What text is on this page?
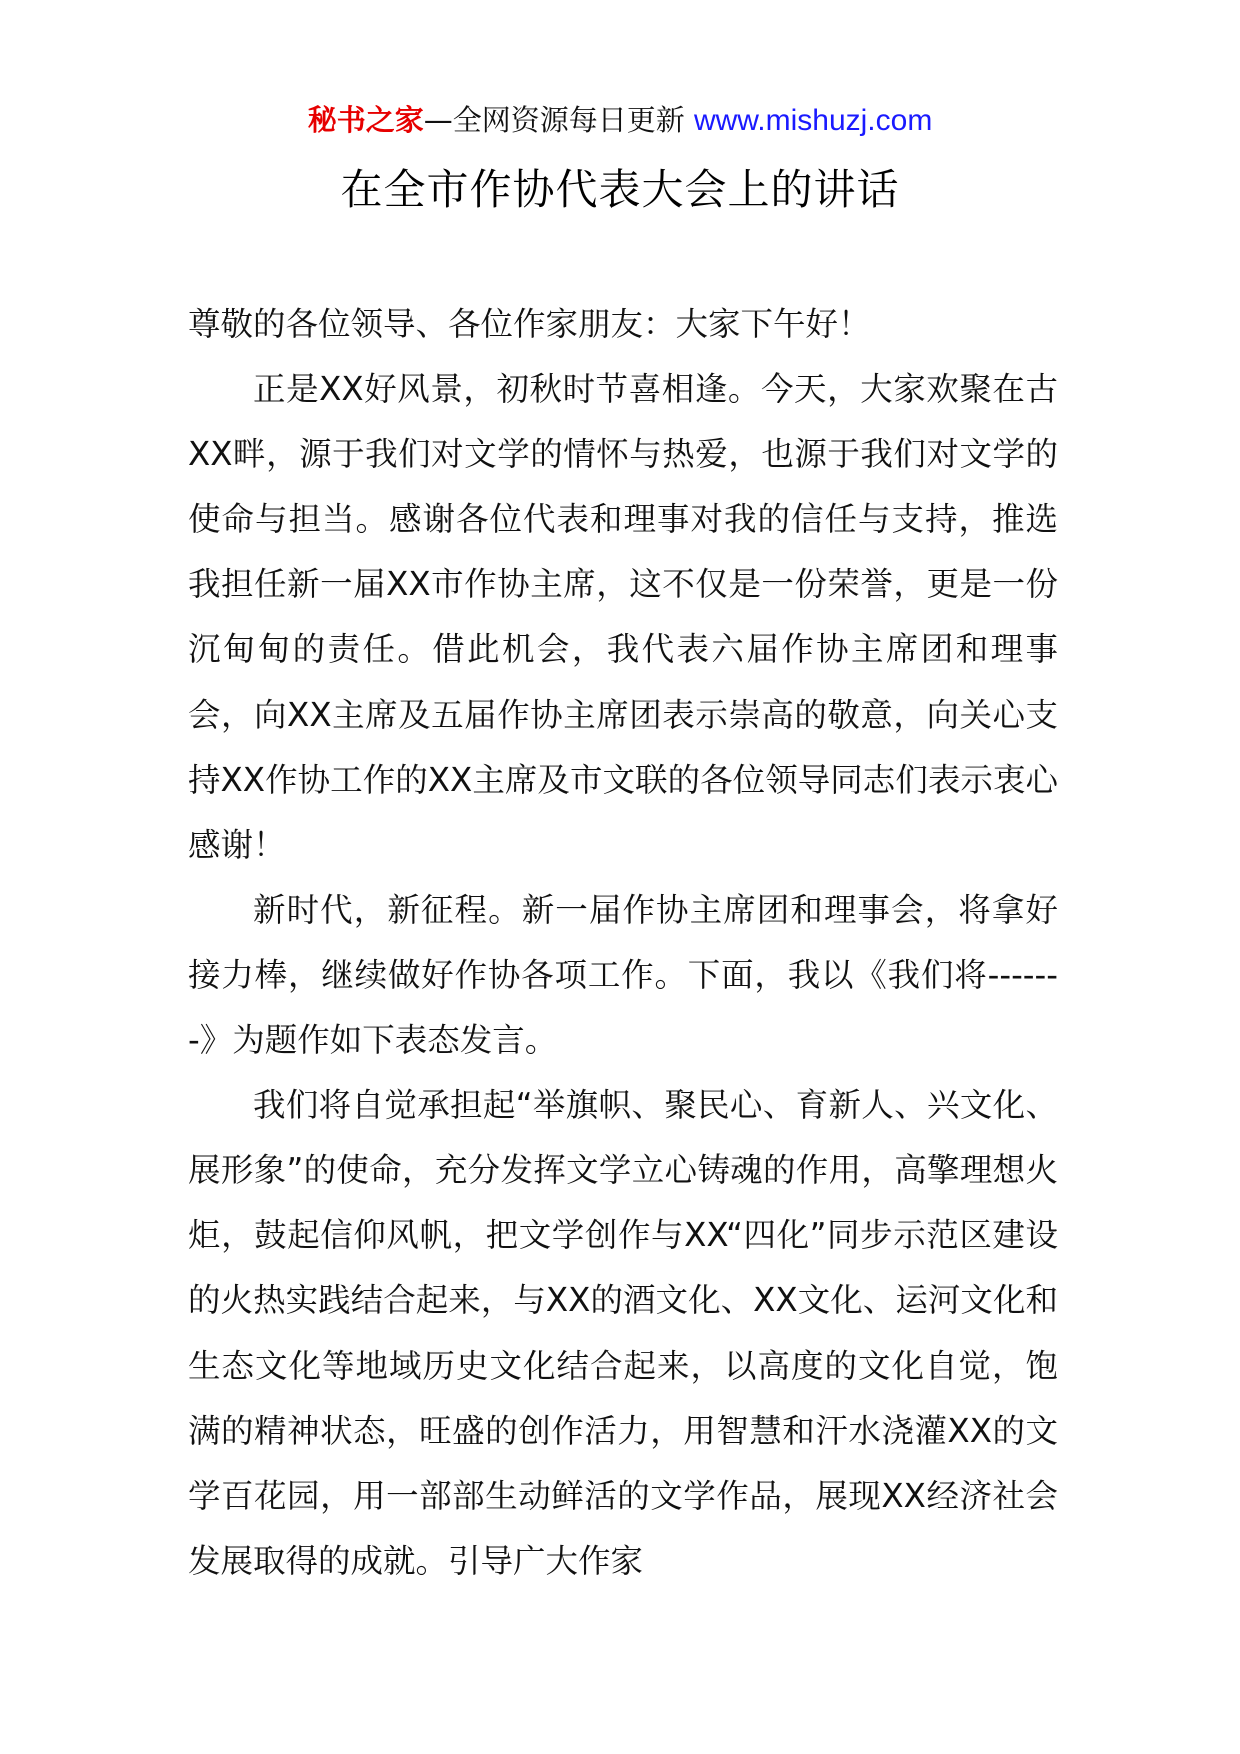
秘书之家—全网资源每日更新 www.mishuzj.com
在全市作协代表大会上的讲话

尊敬的各位领导、各位作家朋友：大家下午好！

正是XX好风景，初秋时节喜相逢。今天，大家欢聚在古XX畔，源于我们对文学的情怀与热爱，也源于我们对文学的使命与担当。感谢各位代表和理事对我的信任与支持，推选我担任新一届XX市作协主席，这不仅是一份荣誉，更是一份沉甸甸的责任。借此机会，我代表六届作协主席团和理事会，向XX主席及五届作协主席团表示崇高的敬意，向关心支持XX作协工作的XX主席及市文联的各位领导同志们表示衷心感谢！

新时代，新征程。新一届作协主席团和理事会，将拿好接力棒，继续做好作协各项工作。下面，我以《我们将-------》为题作如下表态发言。

我们将自觉承担起“举旗帜、聚民心、育新人、兴文化、展形象”的使命，充分发挥文学立心铸魂的作用，高擎理想火炬，鼓起信仰风帆，把文学创作与XX“四化”同步示范区建设的火热实践结合起来，与XX的酒文化、XX文化、运河文化和生态文化等地域历史文化结合起来，以高度的文化自觉，饱满的精神状态，旺盛的创作活力，用智慧和汗水浇灌XX的文学百花园，用一部部生动鲜活的文学作品，展现XX经济社会发展取得的成就。引导广大作家
